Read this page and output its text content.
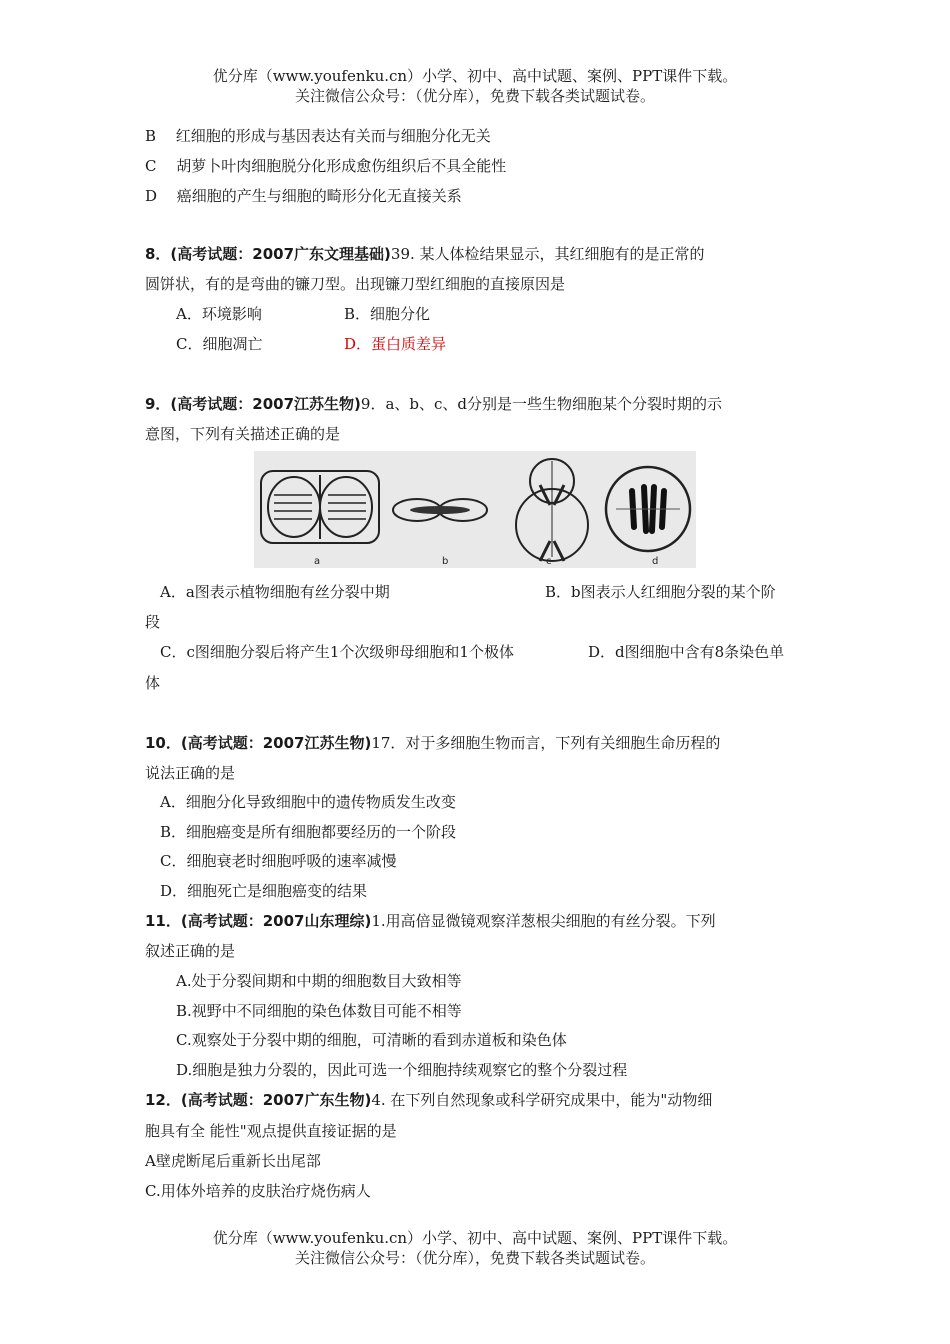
优分库（www.youfenku.cn）小学、初中、高中试题、案例、PPT课件下载。
关注微信公众号：（优分库），免费下载各类试题试卷。
B　 红细胞的形成与基因表达有关而与细胞分化无关
C　 胡萝卜叶肉细胞脱分化形成愈伤组织后不具全能性
D　 癌细胞的产生与细胞的畸形分化无直接关系
8．(高考试题：2007广东文理基础)39. 某人体检结果显示，其红细胞有的是正常的
圆饼状，有的是弯曲的镰刀型。出现镰刀型红细胞的直接原因是
A．环境影响	B．细胞分化
C．细胞凋亡	D．蛋白质差异
9．(高考试题：2007江苏生物)9．a、b、c、d分别是一些生物细胞某个分裂时期的示
意图，下列有关描述正确的是
a	b	c	d
A．a图表示植物细胞有丝分裂中期	B．b图表示人红细胞分裂的某个阶
段
C．c图细胞分裂后将产生1个次级卵母细胞和1个极体	D．d图细胞中含有8条染色单
体
10．(高考试题：2007江苏生物)17．对于多细胞生物而言，下列有关细胞生命历程的
说法正确的是
A．细胞分化导致细胞中的遗传物质发生改变
B．细胞癌变是所有细胞都要经历的一个阶段
C．细胞衰老时细胞呼吸的速率减慢
D．细胞死亡是细胞癌变的结果
11．(高考试题：2007山东理综)1.用高倍显微镜观察洋葱根尖细胞的有丝分裂。下列
叙述正确的是
A.处于分裂间期和中期的细胞数目大致相等
B.视野中不同细胞的染色体数目可能不相等
C.观察处于分裂中期的细胞，可清晰的看到赤道板和染色体
D.细胞是独力分裂的，因此可选一个细胞持续观察它的整个分裂过程
12．(高考试题：2007广东生物)4. 在下列自然现象或科学研究成果中，能为"动物细
胞具有全 能性"观点提供直接证据的是
A壁虎断尾后重新长出尾部
C.用体外培养的皮肤治疗烧伤病人
优分库（www.youfenku.cn）小学、初中、高中试题、案例、PPT课件下载。
关注微信公众号：（优分库），免费下载各类试题试卷。
